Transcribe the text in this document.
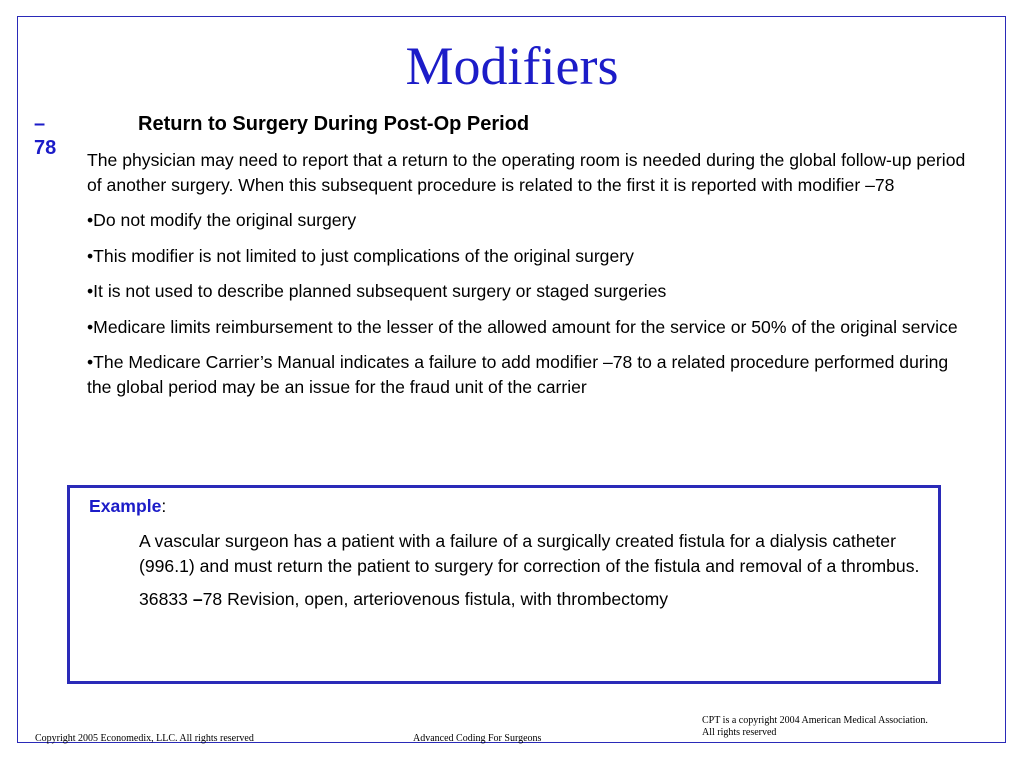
Modifiers
–78
Return to Surgery During Post-Op Period

The physician may need to report that a return to the operating room is needed during the global follow-up period of another surgery. When this subsequent procedure is related to the first it is reported with modifier –78

•Do not modify the original surgery

•This modifier is not limited to just complications of the original surgery

•It is not used to describe planned subsequent surgery or staged surgeries

•Medicare limits reimbursement to the lesser of the allowed amount for the service or 50% of the original service

•The Medicare Carrier’s Manual indicates a failure to add modifier –78 to a related procedure performed during the global period may be an issue for the fraud unit of the carrier

Example:

A vascular surgeon has a patient with a failure of a surgically created fistula for a dialysis catheter (996.1) and must return the patient to surgery for correction of the fistula and removal of a thrombus.

36833 –78 Revision, open, arteriovenous fistula, with thrombectomy

Copyright 2005 Economedix, LLC. All rights reserved	Advanced Coding For Surgeons
CPT is a copyright 2004 American Medical Association.
All rights reserved
